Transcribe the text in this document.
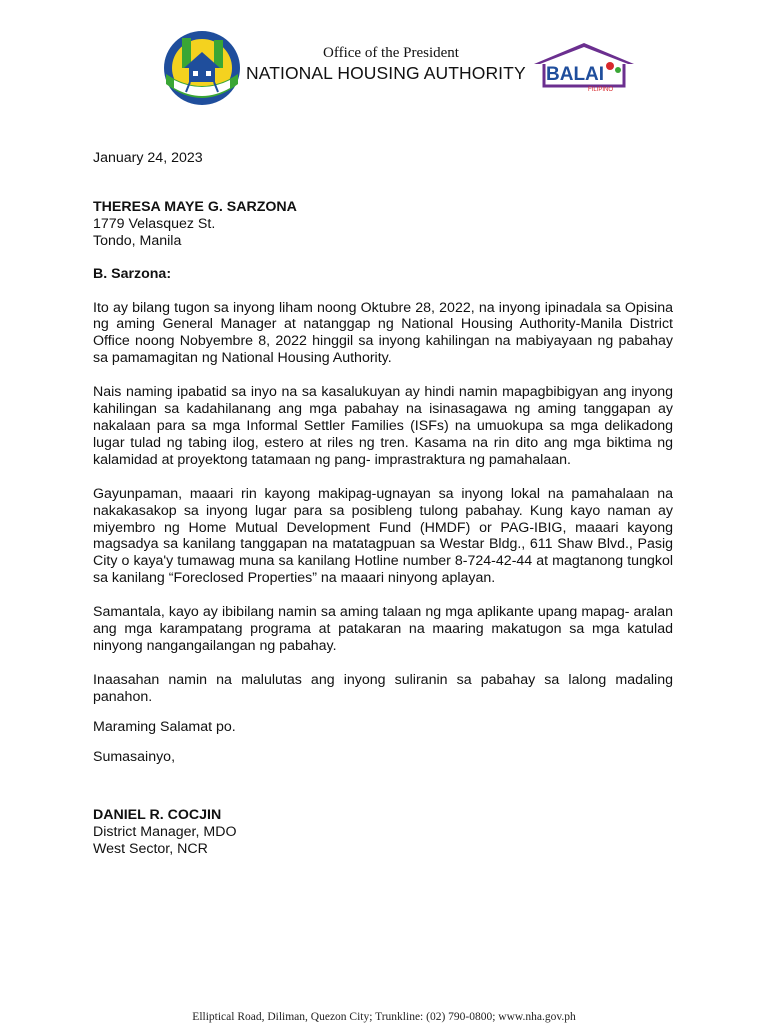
Office of the President
NATIONAL HOUSING AUTHORITY	BALAI
FILIPINO

January 24, 2023

THERESA MAYE G. SARZONA

1779 Velasquez St.

Tondo, Manila

B. Sarzona:

Ito ay bilang tugon sa inyong liham noong Oktubre 28, 2022, na inyong ipinadala sa Opisina ng aming General Manager at natanggap ng National Housing Authority-Manila District Office noong Nobyembre 8, 2022 hinggil sa inyong kahilingan na mabiyayaan ng pabahay sa pamamagitan ng National Housing Authority.

Nais naming ipabatid sa inyo na sa kasalukuyan ay hindi namin mapagbibigyan ang inyong kahilingan sa kadahilanang ang mga pabahay na isinasagawa ng aming tanggapan ay nakalaan para sa mga Informal Settler Families (ISFs) na umuokupa sa mga delikadong lugar tulad ng tabing ilog, estero at riles ng tren. Kasama na rin dito ang mga biktima ng kalamidad at proyektong tatamaan ng pang- imprastraktura ng pamahalaan.

Gayunpaman, maaari rin kayong makipag-ugnayan sa inyong lokal na pamahalaan na nakakasakop sa inyong lugar para sa posibleng tulong pabahay. Kung kayo naman ay miyembro ng Home Mutual Development Fund (HMDF) or PAG-IBIG, maaari kayong magsadya sa kanilang tanggapan na matatagpuan sa Westar Bldg., 611 Shaw Blvd., Pasig City o kaya'y tumawag muna sa kanilang Hotline number 8-724-42-44 at magtanong tungkol sa kanilang “Foreclosed Properties” na maaari ninyong aplayan.

Samantala, kayo ay ibibilang namin sa aming talaan ng mga aplikante upang mapag- aralan ang mga karampatang programa at patakaran na maaring makatugon sa mga katulad ninyong nangangailangan ng pabahay.

Inaasahan namin na malulutas ang inyong suliranin sa pabahay sa lalong madaling panahon.

Maraming Salamat po.

Sumasainyo,

DANIEL R. COCJIN

District Manager, MDO

West Sector, NCR

Elliptical Road, Diliman, Quezon City; Trunkline: (02) 790-0800; www.nha.gov.ph
